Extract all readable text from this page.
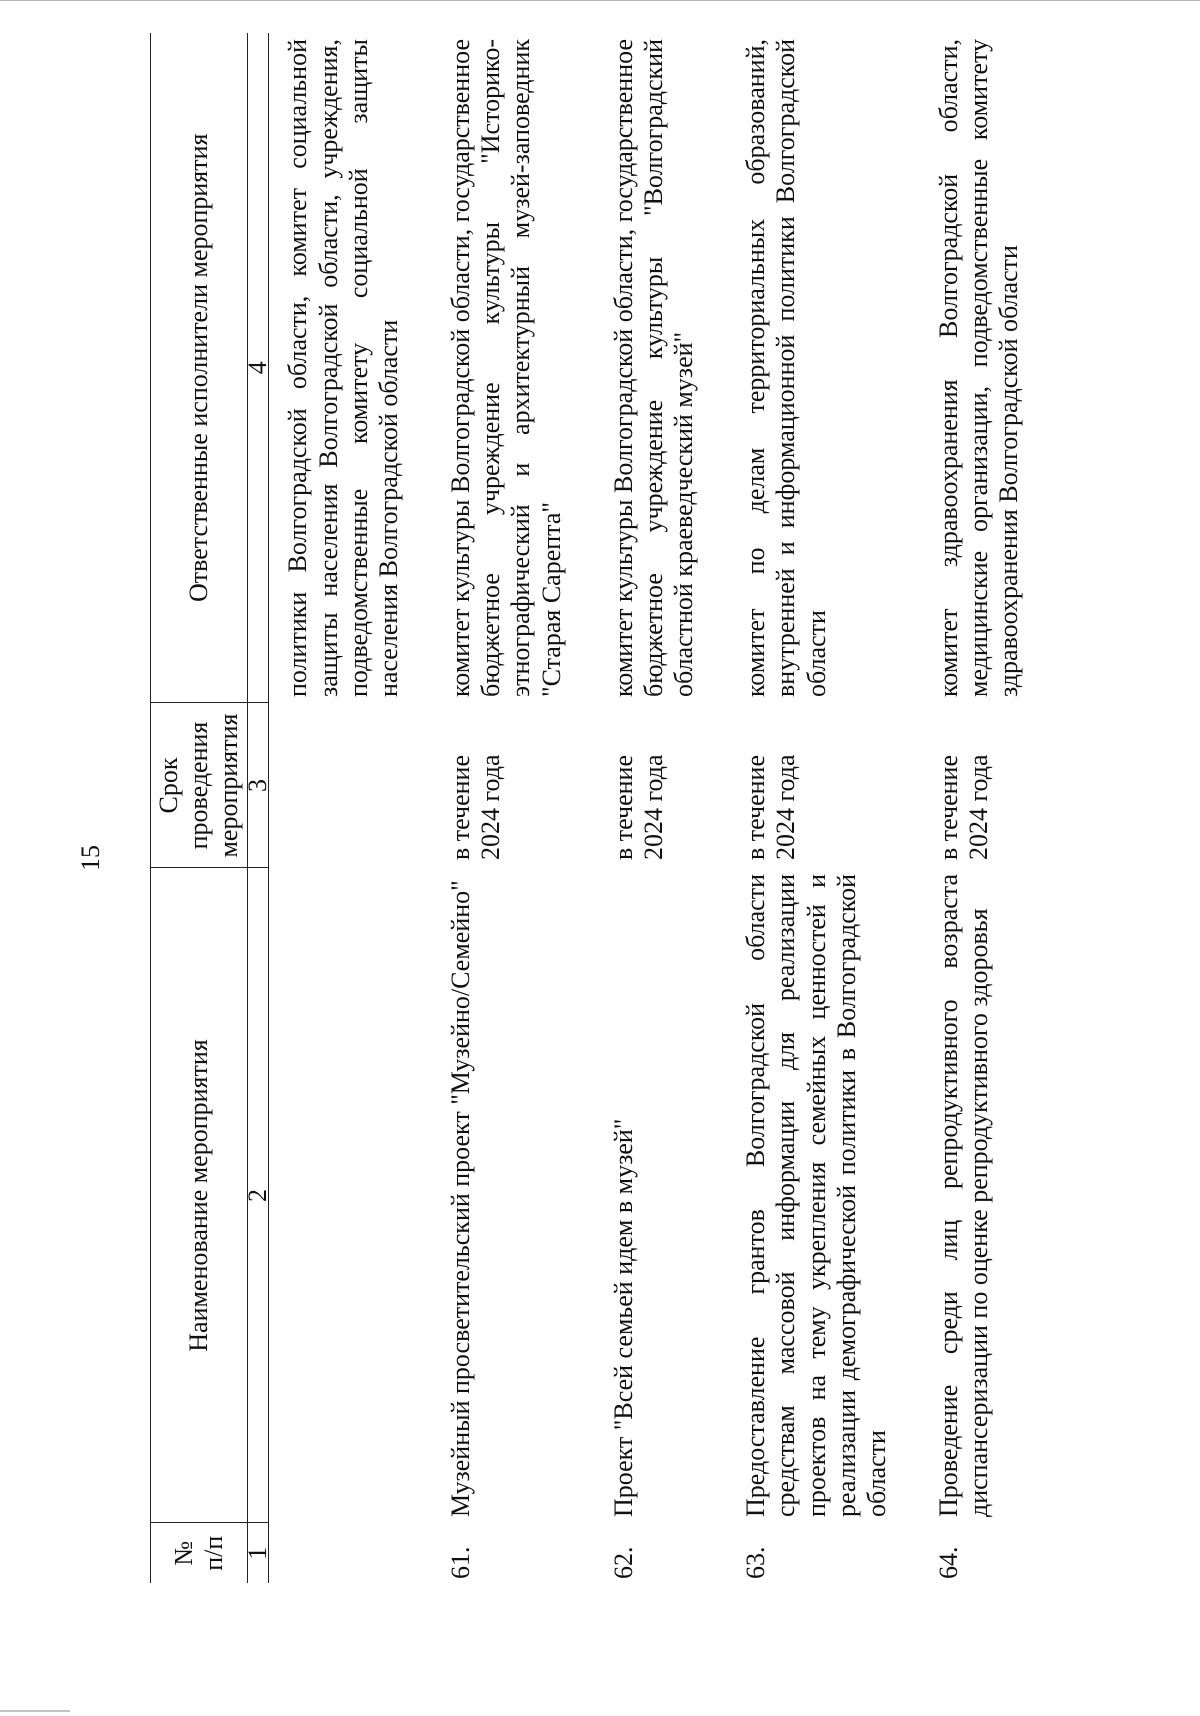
15
№ п/п	Наименование мероприятия	Срок проведения мероприятия	Ответственные исполнители мероприятия
1	2	3	4
			политики Волгоградской области, комитет социальной защиты населения Волгоградской области, учреждения, подведомственные комитету социальной защиты населения Волгоградской области
61.	Музейный просветительский проект "Музейно/Семейно"	в течение 2024 года	комитет культуры Волгоградской области, государственное бюджетное учреждение культуры "Историко-этнографический и архитектурный музей-заповедник "Старая Сарепта"
62.	Проект "Всей семьей идем в музей"	в течение 2024 года	комитет культуры Волгоградской области, государственное бюджетное учреждение культуры "Волгоградский областной краеведческий музей"
63.	Предоставление грантов Волгоградской области средствам массовой информации для реализации проектов на тему укрепления семейных ценностей и реализации демографической политики в Волгоградской области	в течение 2024 года	комитет по делам территориальных образований, внутренней и информационной политики Волгоградской области
64.	Проведение среди лиц репродуктивного возраста диспансеризации по оценке репродуктивного здоровья	в течение 2024 года	комитет здравоохранения Волгоградской области, медицинские организации, подведомственные комитету здравоохранения Волгоградской области
